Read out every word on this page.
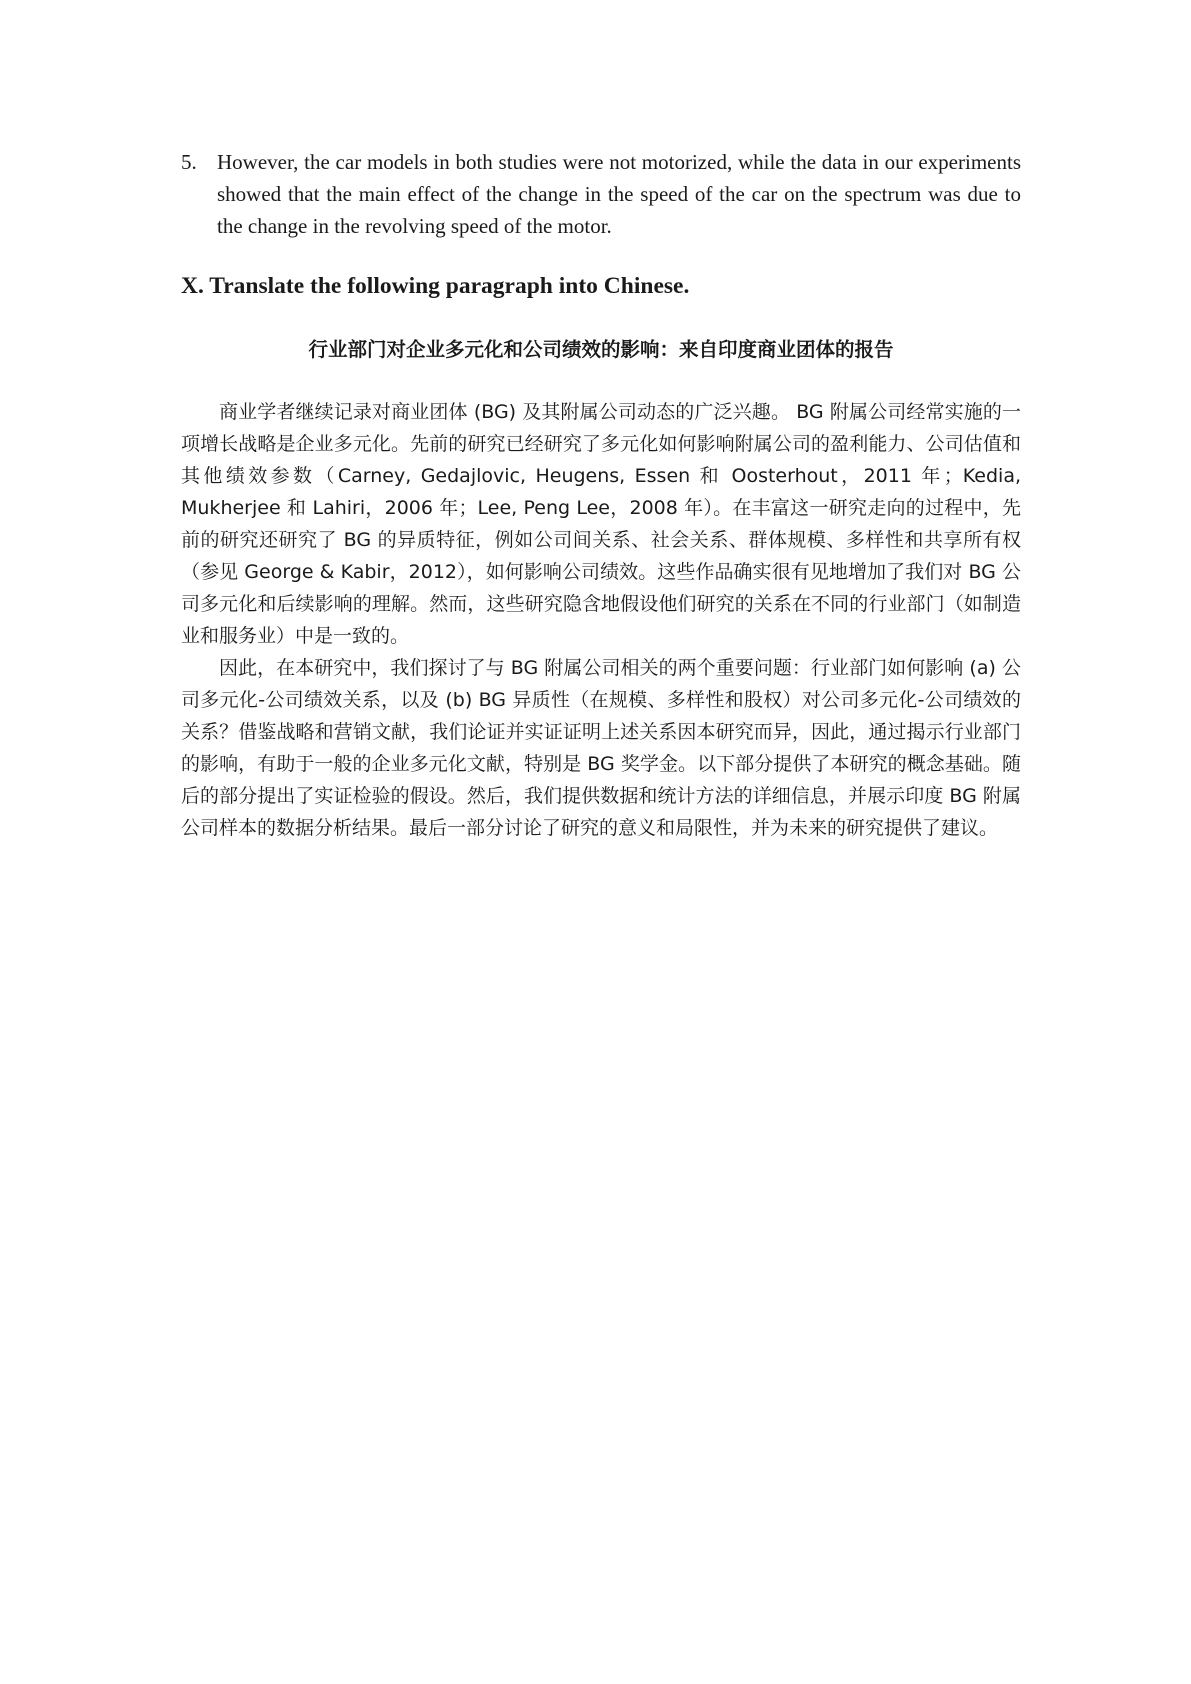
5. However, the car models in both studies were not motorized, while the data in our experiments showed that the main effect of the change in the speed of the car on the spectrum was due to the change in the revolving speed of the motor.
X. Translate the following paragraph into Chinese.
行业部门对企业多元化和公司绩效的影响：来自印度商业团体的报告

商业学者继续记录对商业团体 (BG) 及其附属公司动态的广泛兴趣。 BG 附属公司经常实施的一项增长战略是企业多元化。先前的研究已经研究了多元化如何影响附属公司的盈利能力、公司估值和其他绩效参数（Carney, Gedajlovic, Heugens, Essen 和 Oosterhout，2011 年；Kedia, Mukherjee 和 Lahiri，2006 年；Lee, Peng Lee，2008 年）。在丰富这一研究走向的过程中，先前的研究还研究了 BG 的异质特征，例如公司间关系、社会关系、群体规模、多样性和共享所有权（参见 George & Kabir，2012），如何影响公司绩效。这些作品确实很有见地增加了我们对 BG 公司多元化和后续影响的理解。然而，这些研究隐含地假设他们研究的关系在不同的行业部门（如制造业和服务业）中是一致的。

因此，在本研究中，我们探讨了与 BG 附属公司相关的两个重要问题：行业部门如何影响 (a) 公司多元化-公司绩效关系，以及 (b) BG 异质性（在规模、多样性和股权）对公司多元化-公司绩效的关系？借鉴战略和营销文献，我们论证并实证证明上述关系因本研究而异，因此，通过揭示行业部门的影响，有助于一般的企业多元化文献，特别是 BG 奖学金。以下部分提供了本研究的概念基础。随后的部分提出了实证检验的假设。然后，我们提供数据和统计方法的详细信息，并展示印度 BG 附属公司样本的数据分析结果。最后一部分讨论了研究的意义和局限性，并为未来的研究提供了建议。
